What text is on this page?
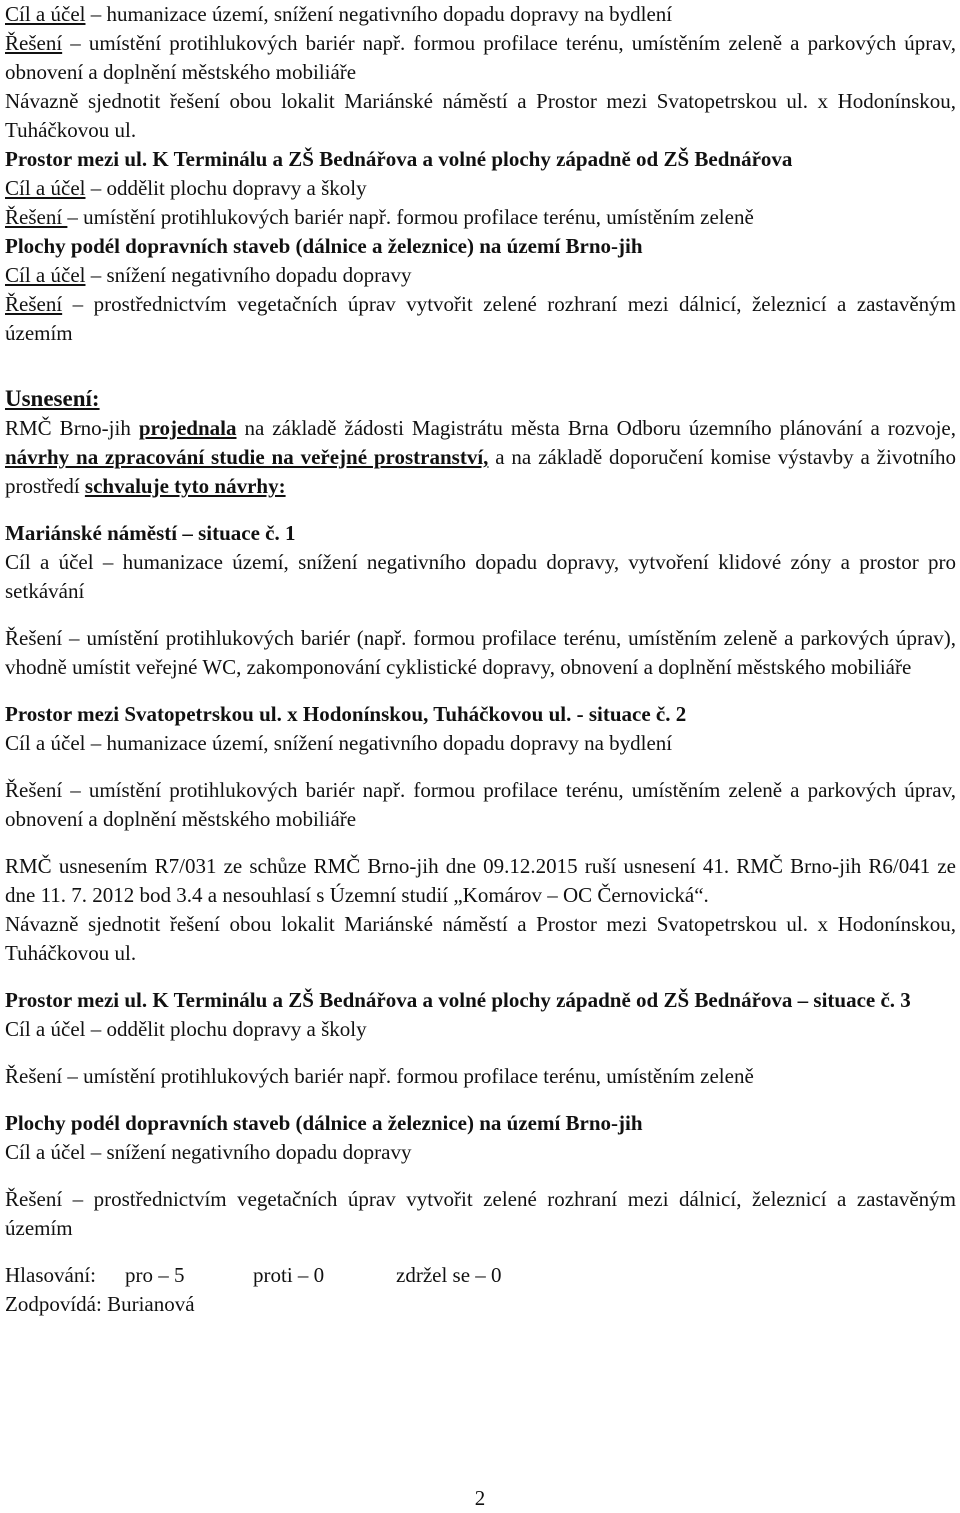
Cíl a účel – humanizace území, snížení negativního dopadu dopravy na bydlení

Řešení – umístění protihlukových bariér např. formou profilace terénu, umístěním zeleně a parkových úprav, obnovení a doplnění městského mobiliáře

Návazně sjednotit řešení obou lokalit Mariánské náměstí a Prostor mezi Svatopetrskou ul. x Hodonínskou, Tuháčkovou ul.

Prostor mezi ul. K Terminálu a ZŠ Bednářova a volné plochy západně od ZŠ Bednářova

Cíl a účel – oddělit plochu dopravy a školy

Řešení – umístění protihlukových bariér např. formou profilace terénu, umístěním zeleně

Plochy podél dopravních staveb (dálnice a železnice) na území Brno-jih

Cíl a účel – snížení negativního dopadu dopravy

Řešení – prostřednictvím vegetačních úprav vytvořit zelené rozhraní mezi dálnicí, železnicí a zastavěným územím

Usnesení:

RMČ Brno-jih projednala na základě žádosti Magistrátu města Brna Odboru územního plánování a rozvoje, návrhy na zpracování studie na veřejné prostranství, a na základě doporučení komise výstavby a životního prostředí schvaluje tyto návrhy:

Mariánské náměstí – situace č. 1

Cíl a účel – humanizace území, snížení negativního dopadu dopravy, vytvoření klidové zóny a prostor pro setkávání

Řešení – umístění protihlukových bariér (např. formou profilace terénu, umístěním zeleně a parkových úprav), vhodně umístit veřejné WC, zakomponování cyklistické dopravy, obnovení a doplnění městského mobiliáře

Prostor mezi Svatopetrskou ul. x Hodonínskou, Tuháčkovou ul. - situace č. 2

Cíl a účel – humanizace území, snížení negativního dopadu dopravy na bydlení

Řešení – umístění protihlukových bariér např. formou profilace terénu, umístěním zeleně a parkových úprav, obnovení a doplnění městského mobiliáře

RMČ usnesením R7/031 ze schůze RMČ Brno-jih dne 09.12.2015 ruší usnesení 41. RMČ Brno-jih R6/041 ze dne 11. 7. 2012 bod 3.4 a nesouhlasí s Územní studií „Komárov – OC Černovická“.

Návazně sjednotit řešení obou lokalit Mariánské náměstí a Prostor mezi Svatopetrskou ul. x Hodonínskou, Tuháčkovou ul.

Prostor mezi ul. K Terminálu a ZŠ Bednářova a volné plochy západně od ZŠ Bednářova – situace č. 3

Cíl a účel – oddělit plochu dopravy a školy

Řešení – umístění protihlukových bariér např. formou profilace terénu, umístěním zeleně

Plochy podél dopravních staveb (dálnice a železnice) na území Brno-jih

Cíl a účel – snížení negativního dopadu dopravy

Řešení – prostřednictvím vegetačních úprav vytvořit zelené rozhraní mezi dálnicí, železnicí a zastavěným územím

Hlasování:	pro – 5	proti – 0	zdržel se – 0

Zodpovídá: Burianová

2
